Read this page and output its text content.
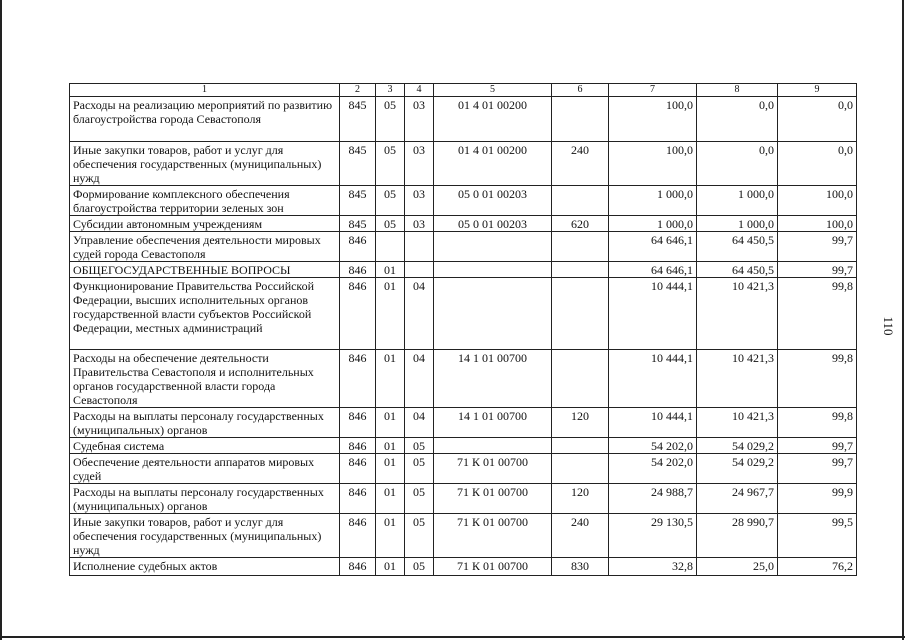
1	2	3	4	5	6	7	8	9
Расходы на реализацию мероприятий по развитию благоустройства города Севастополя	845	05	03	01 4 01 00200		100,0	0,0	0,0
Иные закупки товаров, работ и услуг для обеспечения государственных (муниципальных) нужд	845	05	03	01 4 01 00200	240	100,0	0,0	0,0
Формирование комплексного обеспечения благоустройства территории зеленых зон	845	05	03	05 0 01 00203		1 000,0	1 000,0	100,0
Субсидии автономным учреждениям	845	05	03	05 0 01 00203	620	1 000,0	1 000,0	100,0
Управление обеспечения деятельности мировых судей города Севастополя	846					64 646,1	64 450,5	99,7
ОБЩЕГОСУДАРСТВЕННЫЕ ВОПРОСЫ	846	01				64 646,1	64 450,5	99,7
Функционирование Правительства Российской Федерации, высших исполнительных органов государственной власти субъектов Российской Федерации, местных администраций	846	01	04			10 444,1	10 421,3	99,8
Расходы на обеспечение деятельности Правительства Севастополя и исполнительных органов государственной власти города Севастополя	846	01	04	14 1 01 00700		10 444,1	10 421,3	99,8
Расходы на выплаты персоналу государственных (муниципальных) органов	846	01	04	14 1 01 00700	120	10 444,1	10 421,3	99,8
Судебная система	846	01	05			54 202,0	54 029,2	99,7
Обеспечение деятельности аппаратов мировых судей	846	01	05	71 К 01 00700		54 202,0	54 029,2	99,7
Расходы на выплаты персоналу государственных (муниципальных) органов	846	01	05	71 К 01 00700	120	24 988,7	24 967,7	99,9
Иные закупки товаров, работ и услуг для обеспечения государственных (муниципальных) нужд	846	01	05	71 К 01 00700	240	29 130,5	28 990,7	99,5
Исполнение судебных актов	846	01	05	71 К 01 00700	830	32,8	25,0	76,2
110
